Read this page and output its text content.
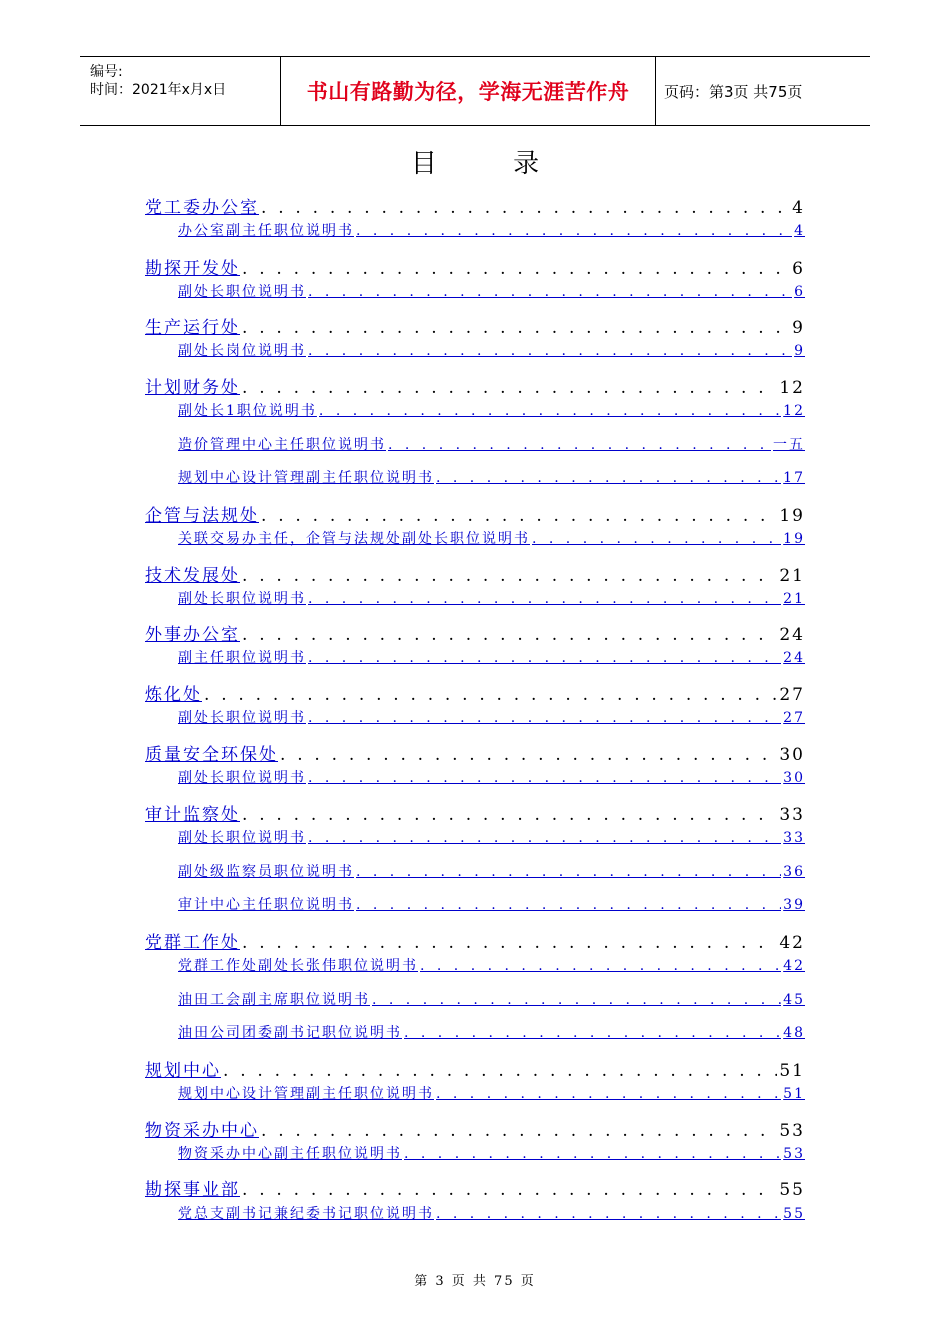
编号:
时间：2021年x月x日	书山有路勤为径，学海无涯苦作舟 页码：第3页 共75页
目 录
党工委办公室 . . .	4
办公室副主任职位说明书 . . .	4
勘探开发处 . . .	6
副处长职位说明书 . . .	6
生产运行处 . . .	9
副处长岗位说明书 . . .	9
计划财务处 . . .	12
副处长1职位说明书 . . .	12
造价管理中心主任职位说明书 . . .	一五
规划中心设计管理副主任职位说明书 . . .	17
企管与法规处 . . .	19
关联交易办主任，企管与法规处副处长职位说明书 . . .	19
技术发展处 . . .	21
副处长职位说明书 . . .	21
外事办公室 . . .	24
副主任职位说明书 . . .	24
炼化处 . . .	27
副处长职位说明书 . . .	27
质量安全环保处 . . .	30
副处长职位说明书 . . .	30
审计监察处 . . .	33
副处长职位说明书 . . .	33
副处级监察员职位说明书 . . .	36
审计中心主任职位说明书 . . .	39
党群工作处 . . .	42
党群工作处副处长张伟职位说明书 . . .	42
油田工会副主席职位说明书 . . .	45
油田公司团委副书记职位说明书 . . .	48
规划中心 . . .	51
规划中心设计管理副主任职位说明书 . . .	51
物资采办中心 . . .	53
物资采办中心副主任职位说明书 . . .	53
勘探事业部 . . .	55
党总支副书记兼纪委书记职位说明书 . . .	55
第 3 页 共 75 页
